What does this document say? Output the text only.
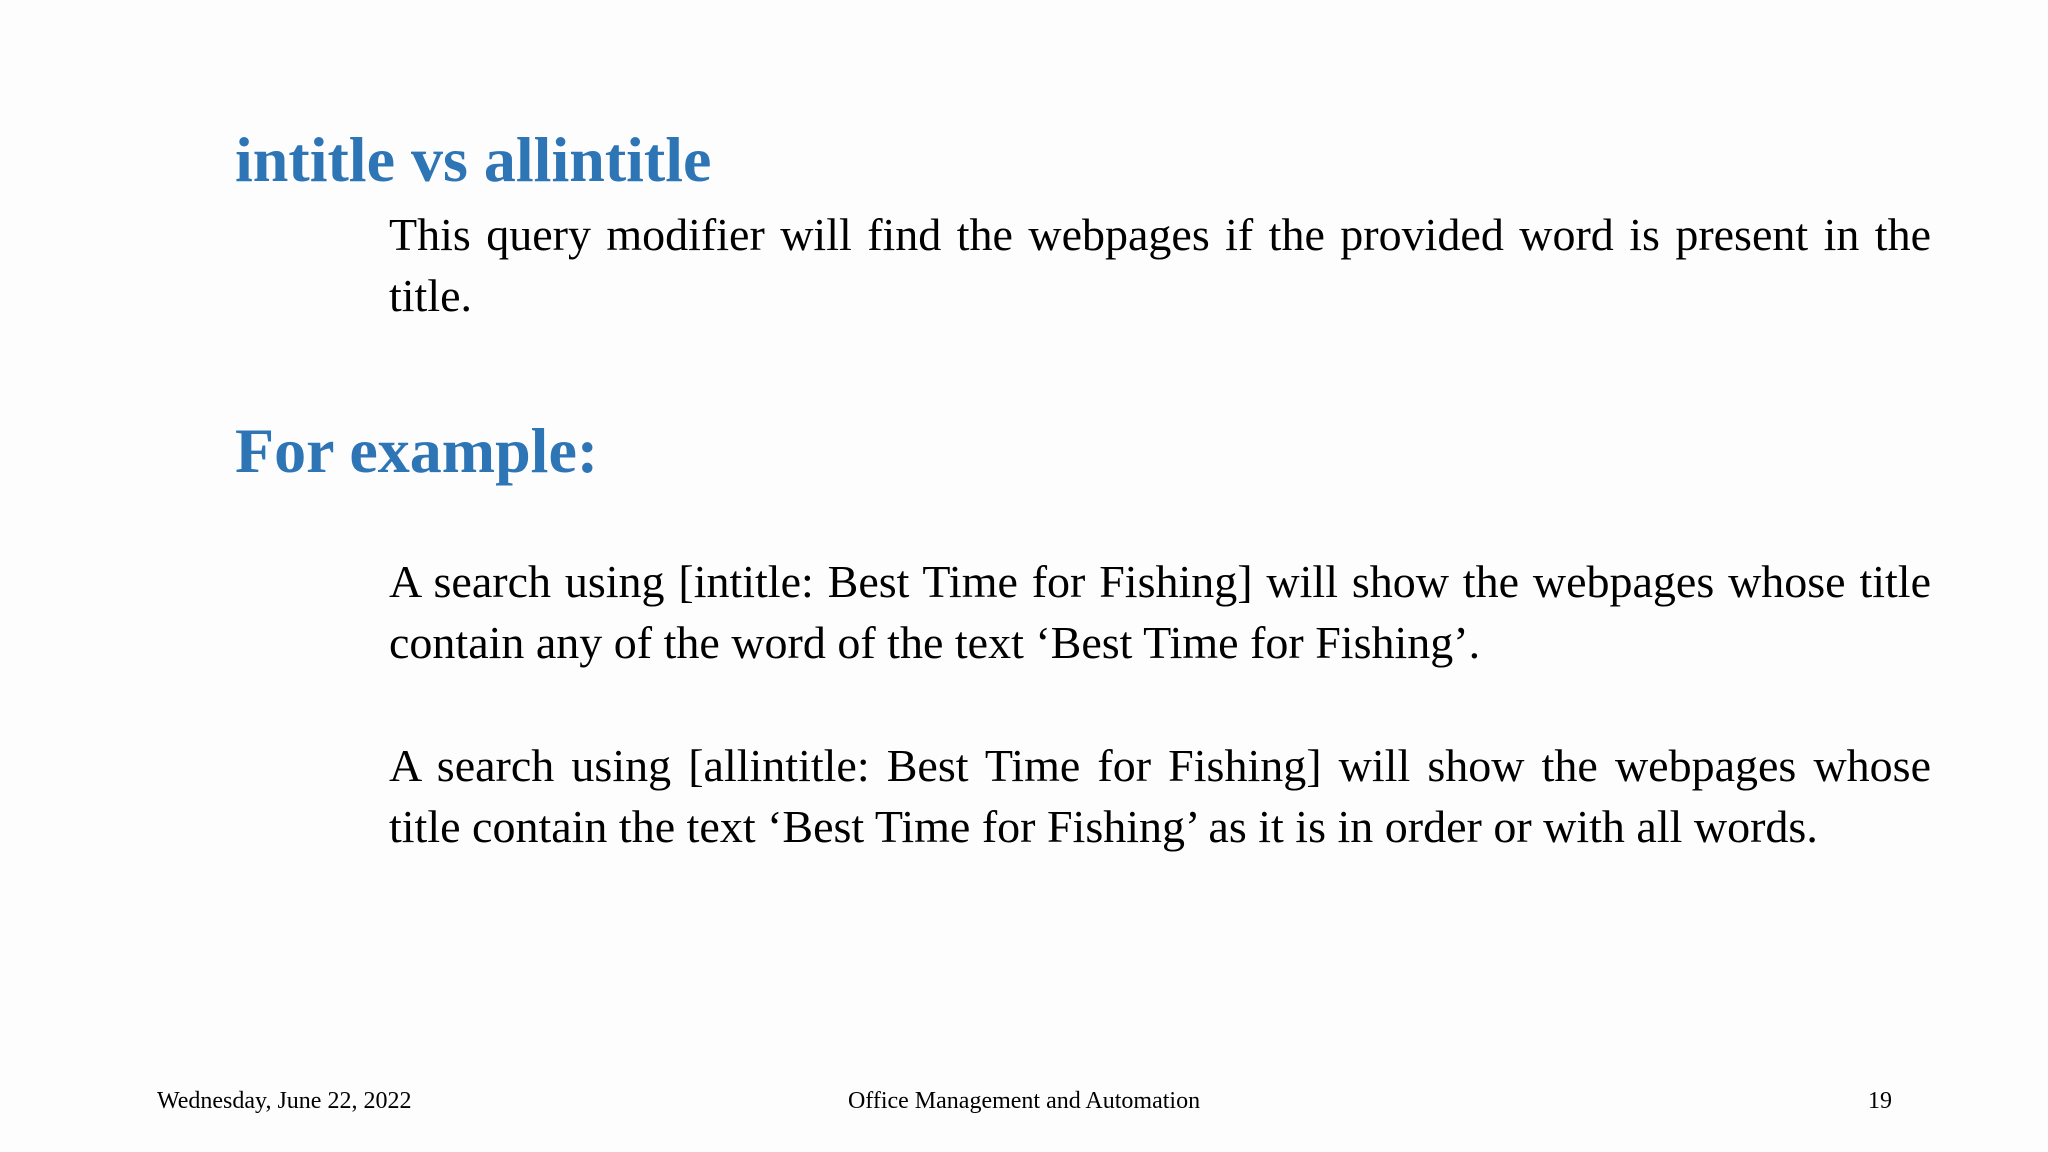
intitle vs allintitle

This query modifier will find the webpages if the provided word is present in the title.

For example:

A search using [intitle: Best Time for Fishing] will show the webpages whose title contain any of the word of the text ‘Best Time for Fishing’.

A search using [allintitle: Best Time for Fishing] will show the webpages whose title contain the text ‘Best Time for Fishing’ as it is in order or with all words.

Office Management and Automation
Wednesday, June 22, 2022	19
